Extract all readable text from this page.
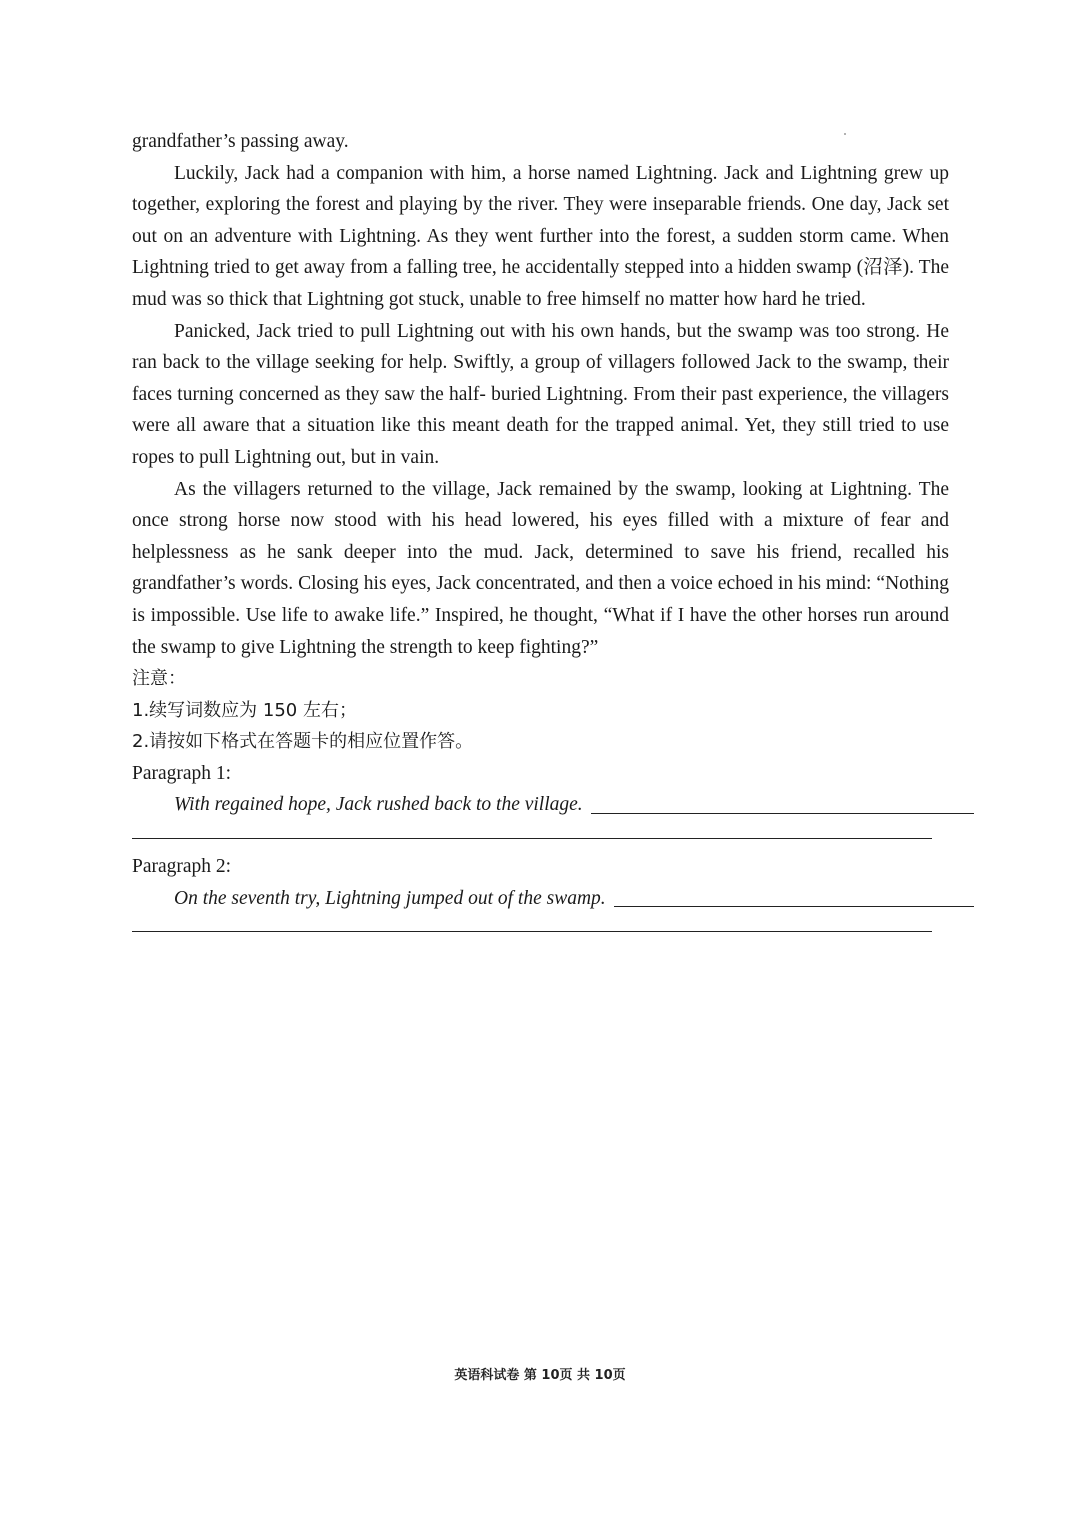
grandfather’s passing away.

Luckily, Jack had a companion with him, a horse named Lightning. Jack and Lightning grew up together, exploring the forest and playing by the river. They were inseparable friends. One day, Jack set out on an adventure with Lightning. As they went further into the forest, a sudden storm came. When Lightning tried to get away from a falling tree, he accidentally stepped into a hidden swamp (沼泽). The mud was so thick that Lightning got stuck, unable to free himself no matter how hard he tried.

Panicked, Jack tried to pull Lightning out with his own hands, but the swamp was too strong. He ran back to the village seeking for help. Swiftly, a group of villagers followed Jack to the swamp, their faces turning concerned as they saw the half- buried Lightning. From their past experience, the villagers were all aware that a situation like this meant death for the trapped animal. Yet, they still tried to use ropes to pull Lightning out, but in vain.

As the villagers returned to the village, Jack remained by the swamp, looking at Lightning. The once strong horse now stood with his head lowered, his eyes filled with a mixture of fear and helplessness as he sank deeper into the mud. Jack, determined to save his friend, recalled his grandfather’s words. Closing his eyes, Jack concentrated, and then a voice echoed in his mind: “Nothing is impossible. Use life to awake life.” Inspired, he thought, “What if I have the other horses run around the swamp to give Lightning the strength to keep fighting?”

注意：

1.续写词数应为 150 左右；

2.请按如下格式在答题卡的相应位置作答。

Paragraph 1:

With regained hope, Jack rushed back to the village.

Paragraph 2:

On the seventh try, Lightning jumped out of the swamp.

英语科试卷 第 10页 共 10页
